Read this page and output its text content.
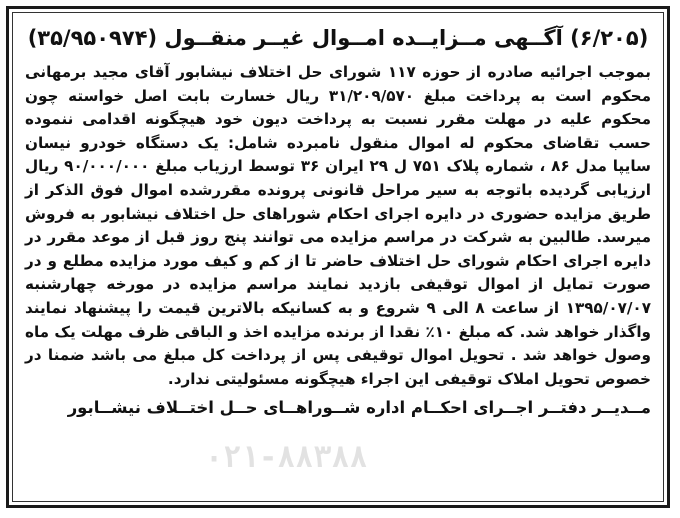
(۶/۲۰۵) آگــهی مــزایــده امــوال غیــر منقــول (۳۵/۹۵۰۹۷۴)

بموجب اجرائیه صادره از حوزه ۱۱۷ شورای حل اختلاف نیشابور آقای مجید برمهانی محکوم است به پرداخت مبلغ ۳۱/۲۰۹/۵۷۰ ریال خسارت بابت اصل خواسته چون محکوم علیه در مهلت مقرر نسبت به پرداخت دیون خود هیچگونه اقدامی ننموده حسب تقاضای محکوم له اموال منقول نامبرده شامل: یک دستگاه خودرو نیسان سایپا مدل ۸۶ ، شماره پلاک ۷۵۱ ل ۲۹ ایران ۳۶ توسط ارزیاب مبلغ ۹۰/۰۰۰/۰۰۰ ریال ارزیابی گردیده باتوجه به سیر مراحل قانونی پرونده مقررشده اموال فوق الذکر از طریق مزایده حضوری در دایره اجرای احکام شوراهای حل اختلاف نیشابور به فروش میرسد. طالبین به شرکت در مراسم مزایده می توانند پنج روز قبل از موعد مقرر در دایره اجرای احکام شورای حل اختلاف حاضر تا از کم و کیف مورد مزایده مطلع و در صورت تمایل از اموال توقیفی بازدید نمایند مراسم مزایده در مورخه چهارشنبه ۱۳۹۵/۰۷/۰۷ از ساعت ۸ الی ۹ شروع و به کسانیکه بالاترین قیمت را پیشنهاد نمایند واگذار خواهد شد. که مبلغ ۱۰٪ نقدا از برنده مزایده اخذ و الباقی ظرف مهلت یک ماه وصول خواهد شد . تحویل اموال توقیفی پس از پرداخت کل مبلغ می باشد ضمنا در خصوص تحویل املاک توقیفی این اجراء هیچگونه مسئولیتی ندارد.

مــدیــر دفتــر اجــرای احکــام اداره شــوراهــای حــل اختــلاف نیشــابور
۰۲۱-۸۸۳۸۸
